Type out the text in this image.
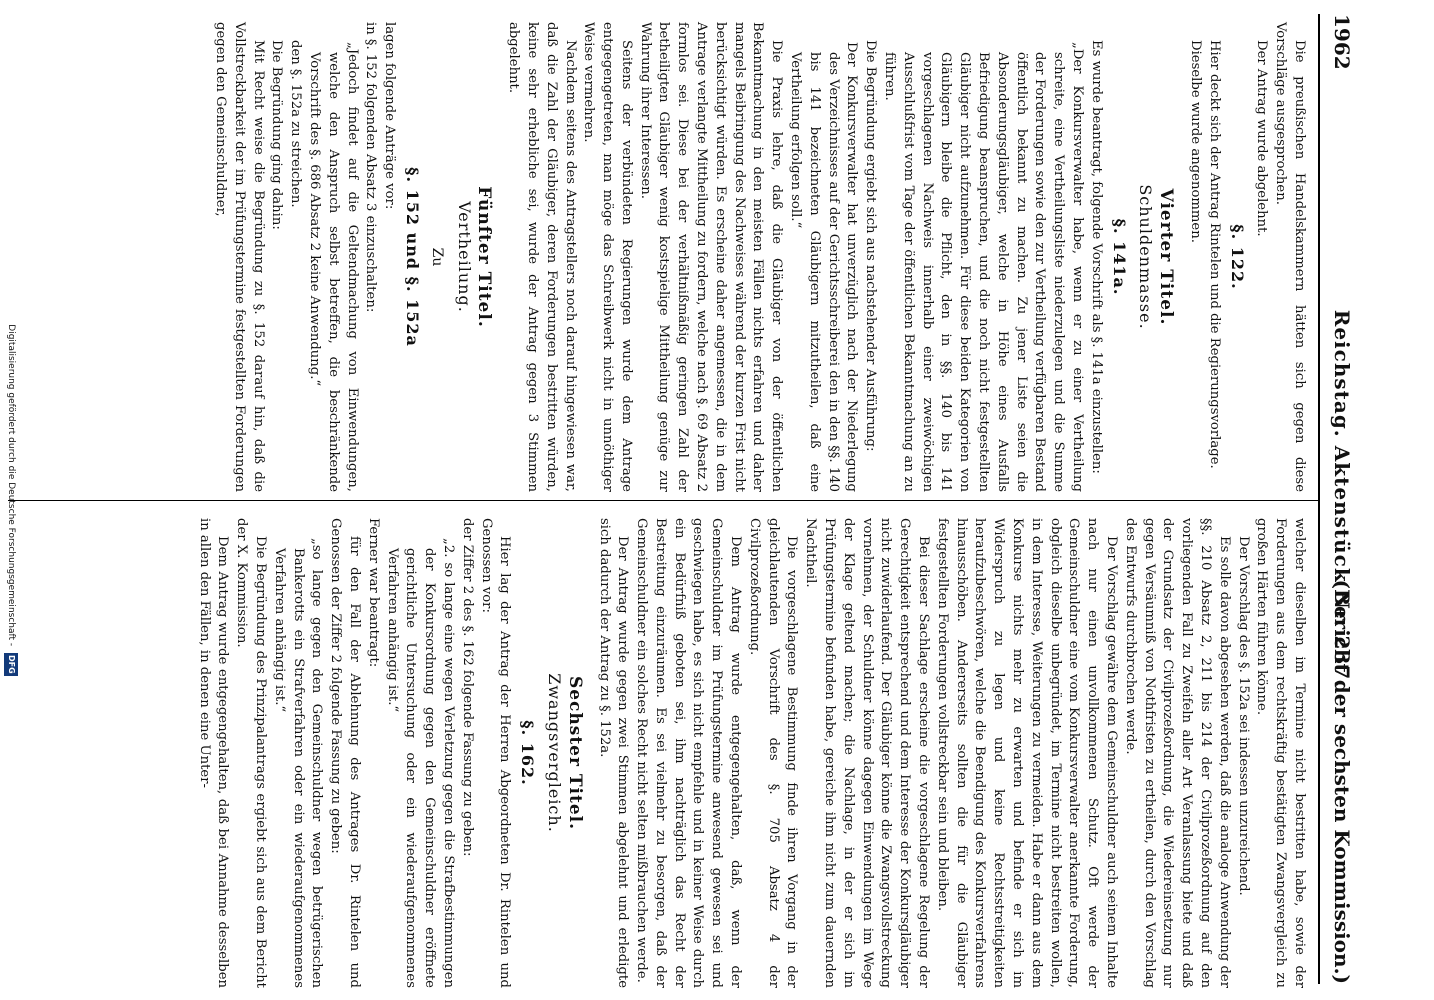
1962
Reichstag. Aktenstück Nr. 237.
(Bericht der sechsten Kommission.)

Die preußischen Handelskammern hätten sich gegen diese Vorschläge ausgesprochen.

Der Antrag wurde abgelehnt.

§. 122.

Hier deckt sich der Antrag Rintelen und die Regierungsvorlage.

Dieselbe wurde angenommen.

Vierter Titel.
Schuldenmasse.
§. 141a.

Es wurde beantragt, folgende Vorschrift als §. 141a einzustellen:

„Der Konkursverwalter habe, wenn er zu einer Vertheilung schreite, eine Vertheilungsliste niederzulegen und die Summe der Forderungen sowie den zur Vertheilung verfügbaren Bestand öffentlich bekannt zu machen. Zu jener Liste seien die Absonderungsgläubiger, welche in Höhe eines Ausfalls Befriedigung beanspruchen, und die noch nicht festgestellten Gläubiger nicht aufzunehmen. Für diese beiden Kategorien von Gläubigern bleibe die Pflicht, den in §§. 140 bis 141 vorgeschlagenen Nachweis innerhalb einer zweiwöchigen Ausschlußfrist vom Tage der öffentlichen Bekanntmachung an zu führen.

Die Begründung ergiebt sich aus nachstehender Ausführung:

Der Konkursverwalter hat unverzüglich nach der Niederlegung des Verzeichnisses auf der Gerichtsschreiberei den in den §§. 140 bis 141 bezeichneten Gläubigern mitzutheilen, daß eine Vertheilung erfolgen soll.“

Die Praxis lehre, daß die Gläubiger von der öffentlichen Bekanntmachung in den meisten Fällen nichts erfahren und daher mangels Beibringung des Nachweises während der kurzen Frist nicht berücksichtigt würden. Es erscheine daher angemessen, die in dem Antrage verlangte Mittheilung zu fordern, welche nach §. 69 Absatz 2 formlos sei. Diese bei der verhältnißmäßig geringen Zahl der betheiligten Gläubiger wenig kostspielige Mittheilung genüge zur Wahrung ihrer Interessen.

Seitens der verbündeten Regierungen wurde dem Antrage entgegengetreten, man möge das Schreibwerk nicht in unnöthiger Weise vermehren.

Nachdem seitens des Antragstellers noch darauf hingewiesen war, daß die Zahl der Gläubiger, deren Forderungen bestritten würden, keine sehr erhebliche sei, wurde der Antrag gegen 3 Stimmen abgelehnt.

Fünfter Titel.
Vertheilung.
Zu
§. 152 und §. 152a

lagen folgende Anträge vor:

in §. 152 folgenden Absatz 3 einzuschalten:

„Jedoch findet auf die Geltendmachung von Einwendungen, welche den Anspruch selbst betreffen, die beschränkende Vorschrift des §. 686 Absatz 2 keine Anwendung.“

den §. 152a zu streichen.

Die Begründung ging dahin:

Mit Recht weise die Begründung zu §. 152 darauf hin, daß die Vollstreckbarkeit der im Prüfungstermine festgestellten Forderungen gegen den Gemeinschuldner,

welcher dieselben im Termine nicht bestritten habe, sowie der Forderungen aus dem rechtskräftig bestätigten Zwangsvergleich zu großen Härten führen könne.

Der Vorschlag des §. 152a sei indessen unzureichend.

Es solle davon abgesehen werden, daß die analoge Anwendung der §§. 210 Absatz 2, 211 bis 214 der Civilprozeßordnung auf den vorliegenden Fall zu Zweifeln aller Art Veranlassung biete und daß der Grundsatz der Civilprozeßordnung, die Wiedereinsetzung nur gegen Versäumniß von Nothfristen zu ertheilen, durch den Vorschlag des Entwurfs durchbrochen werde.

Der Vorschlag gewähre dem Gemeinschuldner auch seinem Inhalte nach nur einen unvollkommenen Schutz. Oft werde der Gemeinschuldner eine vom Konkursverwalter anerkannte Forderung, obgleich dieselbe unbegründet, im Termine nicht bestreiten wollen, in dem Interesse, Weiterungen zu vermeiden. Habe er dann aus dem Konkurse nichts mehr zu erwarten und befinde er sich im Widerspruch zu legen und keine Rechtsstreitigkeiten heraufzubeschwören, welche die Beendigung des Konkursverfahrens hinausschöben. Andererseits sollten die für die Gläubiger festgestellten Forderungen vollstreckbar sein und bleiben.

Bei dieser Sachlage erscheine die vorgeschlagene Regelung der Gerechtigkeit entsprechend und dem Interesse der Konkursgläubiger nicht zuwiderlaufend. Der Gläubiger könne die Zwangsvollstreckung vornehmen, der Schuldner könne dagegen Einwendungen im Wege der Klage geltend machen; die Nachlage, in der er sich im Prüfungstermine befunden habe, gereiche ihm nicht zum dauernden Nachtheil.

Die vorgeschlagene Bestimmung finde ihren Vorgang in der gleichlautenden Vorschrift des §. 705 Absatz 4 der Civilprozeßordnung.

Dem Antrag wurde entgegengehalten, daß, wenn der Gemeinschuldner im Prüfungstermine anwesend gewesen sei und geschwiegen habe, es sich nicht empfehle und in keiner Weise durch ein Bedürfniß geboten sei, ihm nachträglich das Recht der Bestreitung einzuräumen. Es sei vielmehr zu besorgen, daß der Gemeinschuldner ein solches Recht nicht selten mißbrauchen werde.

Der Antrag wurde gegen zwei Stimmen abgelehnt und erledigte sich dadurch der Antrag zu §. 152a.

Sechster Titel.
Zwangsvergleich.
§. 162.

Hier lag der Antrag der Herren Abgeordneten Dr. Rintelen und Genossen vor:

der Ziffer 2 des §. 162 folgende Fassung zu geben:

„2. so lange eine wegen Verletzung gegen die Strafbestimmungen der Konkursordnung gegen den Gemeinschuldner eröffnete gerichtliche Untersuchung oder ein wiederaufgenommenes Verfahren anhängig ist.“

Ferner war beantragt:

für den Fall der Ablehnung des Antrages Dr. Rintelen und Genossen der Ziffer 2 folgende Fassung zu geben:

„so lange gegen den Gemeinschuldner wegen betrügerischen Bankerotts ein Strafverfahren oder ein wiederaufgenommenes Verfahren anhängig ist.“

Die Begründung des Prinzipalantrags ergiebt sich aus dem Bericht der X. Kommission.

Dem Antrag wurde entgegengehalten, daß bei Annahme desselben in allen den Fällen, in denen eine Unter-

Digitalisierung gefördert durch die Deutsche Forschungsgemeinschaft - DFG
